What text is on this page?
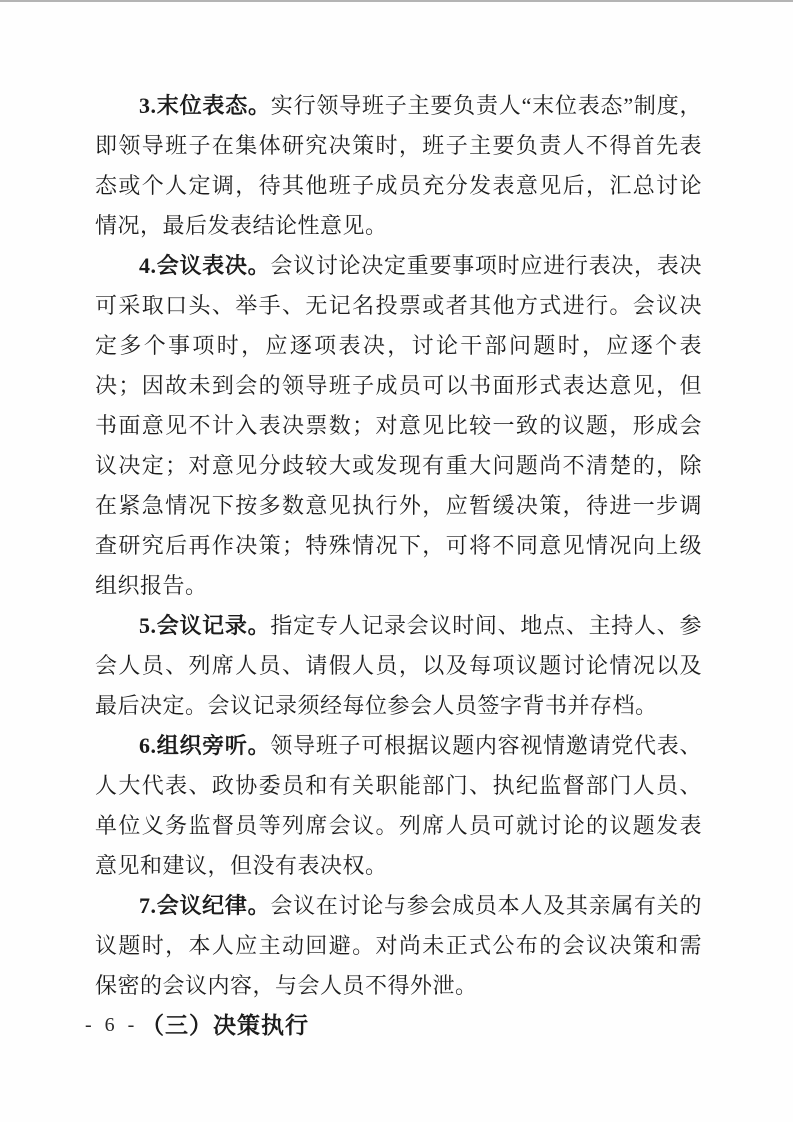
3.末位表态。实行领导班子主要负责人“末位表态”制度，即领导班子在集体研究决策时，班子主要负责人不得首先表态或个人定调，待其他班子成员充分发表意见后，汇总讨论情况，最后发表结论性意见。

4.会议表决。会议讨论决定重要事项时应进行表决，表决可采取口头、举手、无记名投票或者其他方式进行。会议决定多个事项时，应逐项表决，讨论干部问题时，应逐个表决；因故未到会的领导班子成员可以书面形式表达意见，但书面意见不计入表决票数；对意见比较一致的议题，形成会议决定；对意见分歧较大或发现有重大问题尚不清楚的，除在紧急情况下按多数意见执行外，应暂缓决策，待进一步调查研究后再作决策；特殊情况下，可将不同意见情况向上级组织报告。

5.会议记录。指定专人记录会议时间、地点、主持人、参会人员、列席人员、请假人员，以及每项议题讨论情况以及最后决定。会议记录须经每位参会人员签字背书并存档。

6.组织旁听。领导班子可根据议题内容视情邀请党代表、人大代表、政协委员和有关职能部门、执纪监督部门人员、单位义务监督员等列席会议。列席人员可就讨论的议题发表意见和建议，但没有表决权。

7.会议纪律。会议在讨论与参会成员本人及其亲属有关的议题时，本人应主动回避。对尚未正式公布的会议决策和需保密的会议内容，与会人员不得外泄。

（三）决策执行

- 6 -
